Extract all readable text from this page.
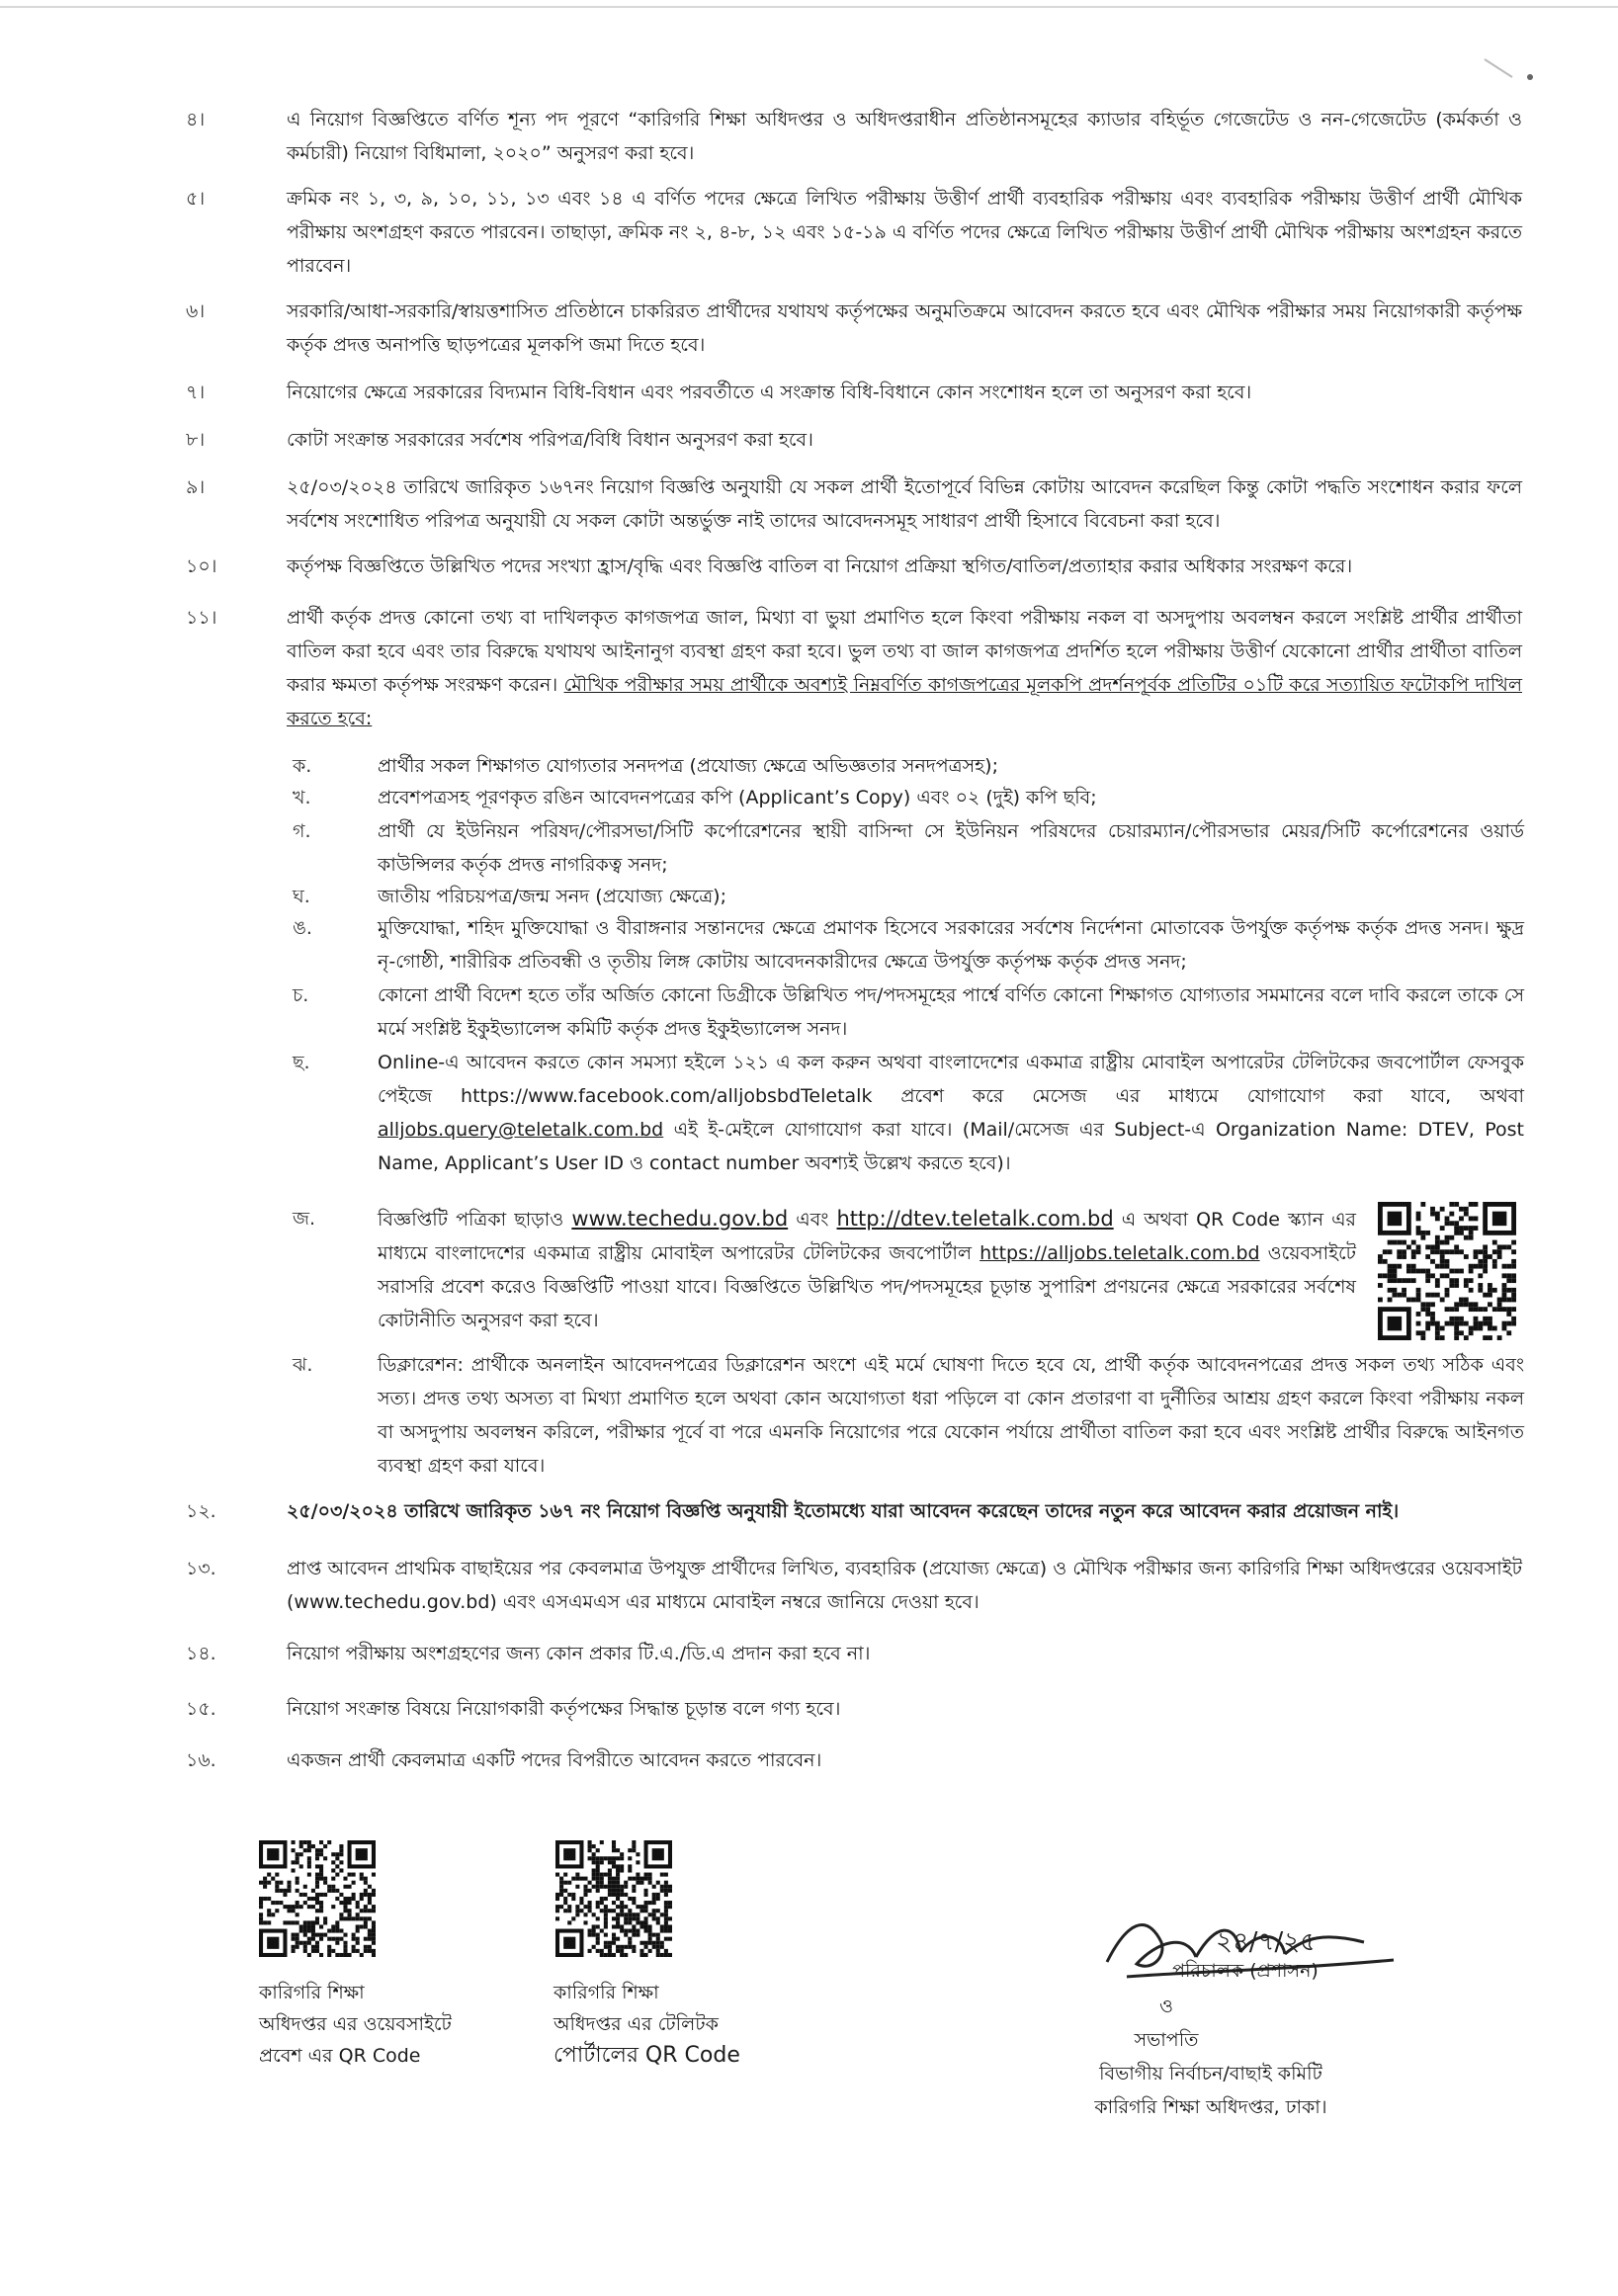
৪।	এ নিয়োগ বিজ্ঞপ্তিতে বর্ণিত শূন্য পদ পূরণে “কারিগরি শিক্ষা অধিদপ্তর ও অধিদপ্তরাধীন প্রতিষ্ঠানসমূহের ক্যাডার বহির্ভূত গেজেটেড ও নন-গেজেটেড (কর্মকর্তা ও কর্মচারী) নিয়োগ বিধিমালা, ২০২০” অনুসরণ করা হবে।
৫।	ক্রমিক নং ১, ৩, ৯, ১০, ১১, ১৩ এবং ১৪ এ বর্ণিত পদের ক্ষেত্রে লিখিত পরীক্ষায় উত্তীর্ণ প্রার্থী ব্যবহারিক পরীক্ষায় এবং ব্যবহারিক পরীক্ষায় উত্তীর্ণ প্রার্থী মৌখিক পরীক্ষায় অংশগ্রহণ করতে পারবেন। তাছাড়া, ক্রমিক নং ২, ৪-৮, ১২ এবং ১৫-১৯ এ বর্ণিত পদের ক্ষেত্রে লিখিত পরীক্ষায় উত্তীর্ণ প্রার্থী মৌখিক পরীক্ষায় অংশগ্রহন করতে পারবেন।
৬।	সরকারি/আধা-সরকারি/স্বায়ত্তশাসিত প্রতিষ্ঠানে চাকরিরত প্রার্থীদের যথাযথ কর্তৃপক্ষের অনুমতিক্রমে আবেদন করতে হবে এবং মৌখিক পরীক্ষার সময় নিয়োগকারী কর্তৃপক্ষ কর্তৃক প্রদত্ত অনাপত্তি ছাড়পত্রের মূলকপি জমা দিতে হবে।
৭।	নিয়োগের ক্ষেত্রে সরকারের বিদ্যমান বিধি-বিধান এবং পরবর্তীতে এ সংক্রান্ত বিধি-বিধানে কোন সংশোধন হলে তা অনুসরণ করা হবে।
৮।	কোটা সংক্রান্ত সরকারের সর্বশেষ পরিপত্র/বিধি বিধান অনুসরণ করা হবে।
৯।	২৫/০৩/২০২৪ তারিখে জারিকৃত ১৬৭নং নিয়োগ বিজ্ঞপ্তি অনুযায়ী যে সকল প্রার্থী ইতোপূর্বে বিভিন্ন কোটায় আবেদন করেছিল কিন্তু কোটা পদ্ধতি সংশোধন করার ফলে সর্বশেষ সংশোধিত পরিপত্র অনুযায়ী যে সকল কোটা অন্তর্ভুক্ত নাই তাদের আবেদনসমূহ সাধারণ প্রার্থী হিসাবে বিবেচনা করা হবে।
১০।	কর্তৃপক্ষ বিজ্ঞপ্তিতে উল্লিখিত পদের সংখ্যা হ্রাস/বৃদ্ধি এবং বিজ্ঞপ্তি বাতিল বা নিয়োগ প্রক্রিয়া স্থগিত/বাতিল/প্রত্যাহার করার অধিকার সংরক্ষণ করে।
১১।	প্রার্থী কর্তৃক প্রদত্ত কোনো তথ্য বা দাখিলকৃত কাগজপত্র জাল, মিথ্যা বা ভুয়া প্রমাণিত হলে কিংবা পরীক্ষায় নকল বা অসদুপায় অবলম্বন করলে সংশ্লিষ্ট প্রার্থীর প্রার্থীতা বাতিল করা হবে এবং তার বিরুদ্ধে যথাযথ আইনানুগ ব্যবস্থা গ্রহণ করা হবে। ভুল তথ্য বা জাল কাগজপত্র প্রদর্শিত হলে পরীক্ষায় উত্তীর্ণ যেকোনো প্রার্থীর প্রার্থীতা বাতিল করার ক্ষমতা কর্তৃপক্ষ সংরক্ষণ করেন। মৌখিক পরীক্ষার সময় প্রার্থীকে অবশ্যই নিম্নবর্ণিত কাগজপত্রের মূলকপি প্রদর্শনপূর্বক প্রতিটির ০১টি করে সত্যায়িত ফটোকপি দাখিল করতে হবে:
ক.	প্রার্থীর সকল শিক্ষাগত যোগ্যতার সনদপত্র (প্রযোজ্য ক্ষেত্রে অভিজ্ঞতার সনদপত্রসহ);
খ.	প্রবেশপত্রসহ পূরণকৃত রঙিন আবেদনপত্রের কপি (Applicant’s Copy) এবং ০২ (দুই) কপি ছবি;
গ.	প্রার্থী যে ইউনিয়ন পরিষদ/পৌরসভা/সিটি কর্পোরেশনের স্থায়ী বাসিন্দা সে ইউনিয়ন পরিষদের চেয়ারম্যান/পৌরসভার মেয়র/সিটি কর্পোরেশনের ওয়ার্ড কাউন্সিলর কর্তৃক প্রদত্ত নাগরিকত্ব সনদ;
ঘ.	জাতীয় পরিচয়পত্র/জন্ম সনদ (প্রযোজ্য ক্ষেত্রে);
ঙ.	মুক্তিযোদ্ধা, শহিদ মুক্তিযোদ্ধা ও বীরাঙ্গনার সন্তানদের ক্ষেত্রে প্রমাণক হিসেবে সরকারের সর্বশেষ নির্দেশনা মোতাবেক উপর্যুক্ত কর্তৃপক্ষ কর্তৃক প্রদত্ত সনদ। ক্ষুদ্র নৃ-গোষ্ঠী, শারীরিক প্রতিবন্ধী ও তৃতীয় লিঙ্গ কোটায় আবেদনকারীদের ক্ষেত্রে উপর্যুক্ত কর্তৃপক্ষ কর্তৃক প্রদত্ত সনদ;
চ.	কোনো প্রার্থী বিদেশ হতে তাঁর অর্জিত কোনো ডিগ্রীকে উল্লিখিত পদ/পদসমূহের পার্শ্বে বর্ণিত কোনো শিক্ষাগত যোগ্যতার সমমানের বলে দাবি করলে তাকে সে মর্মে সংশ্লিষ্ট ইকুইভ্যালেন্স কমিটি কর্তৃক প্রদত্ত ইকুইভ্যালেন্স সনদ।
ছ.	Online-এ আবেদন করতে কোন সমস্যা হইলে ১২১ এ কল করুন অথবা বাংলাদেশের একমাত্র রাষ্ট্রীয় মোবাইল অপারেটর টেলিটকের জবপোর্টাল ফেসবুক পেইজে https://www.facebook.com/alljobsbdTeletalk প্রবেশ করে মেসেজ এর মাধ্যমে যোগাযোগ করা যাবে, অথবা alljobs.query@teletalk.com.bd এই ই-মেইলে যোগাযোগ করা যাবে। (Mail/মেসেজ এর Subject-এ Organization Name: DTEV, Post Name, Applicant’s User ID ও contact number অবশ্যই উল্লেখ করতে হবে)।
জ.	বিজ্ঞপ্তিটি পত্রিকা ছাড়াও www.techedu.gov.bd এবং http://dtev.teletalk.com.bd এ অথবা QR Code স্ক্যান এর মাধ্যমে বাংলাদেশের একমাত্র রাষ্ট্রীয় মোবাইল অপারেটর টেলিটকের জবপোর্টাল https://alljobs.teletalk.com.bd ওয়েবসাইটে সরাসরি প্রবেশ করেও বিজ্ঞপ্তিটি পাওয়া যাবে। বিজ্ঞপ্তিতে উল্লিখিত পদ/পদসমূহের চূড়ান্ত সুপারিশ প্রণয়নের ক্ষেত্রে সরকারের সর্বশেষ কোটানীতি অনুসরণ করা হবে।
ঝ.	ডিক্লারেশন: প্রার্থীকে অনলাইন আবেদনপত্রের ডিক্লারেশন অংশে এই মর্মে ঘোষণা দিতে হবে যে, প্রার্থী কর্তৃক আবেদনপত্রের প্রদত্ত সকল তথ্য সঠিক এবং সত্য। প্রদত্ত তথ্য অসত্য বা মিথ্যা প্রমাণিত হলে অথবা কোন অযোগ্যতা ধরা পড়িলে বা কোন প্রতারণা বা দুর্নীতির আশ্রয় গ্রহণ করলে কিংবা পরীক্ষায় নকল বা অসদুপায় অবলম্বন করিলে, পরীক্ষার পূর্বে বা পরে এমনকি নিয়োগের পরে যেকোন পর্যায়ে প্রার্থীতা বাতিল করা হবে এবং সংশ্লিষ্ট প্রার্থীর বিরুদ্ধে আইনগত ব্যবস্থা গ্রহণ করা যাবে।
১২.	২৫/০৩/২০২৪ তারিখে জারিকৃত ১৬৭ নং নিয়োগ বিজ্ঞপ্তি অনুযায়ী ইতোমধ্যে যারা আবেদন করেছেন তাদের নতুন করে আবেদন করার প্রয়োজন নাই।
১৩.	প্রাপ্ত আবেদন প্রাথমিক বাছাইয়ের পর কেবলমাত্র উপযুক্ত প্রার্থীদের লিখিত, ব্যবহারিক (প্রযোজ্য ক্ষেত্রে) ও মৌখিক পরীক্ষার জন্য কারিগরি শিক্ষা অধিদপ্তরের ওয়েবসাইট (www.techedu.gov.bd) এবং এসএমএস এর মাধ্যমে মোবাইল নম্বরে জানিয়ে দেওয়া হবে।
১৪.	নিয়োগ পরীক্ষায় অংশগ্রহণের জন্য কোন প্রকার টি.এ./ডি.এ প্রদান করা হবে না।
১৫.	নিয়োগ সংক্রান্ত বিষয়ে নিয়োগকারী কর্তৃপক্ষের সিদ্ধান্ত চূড়ান্ত বলে গণ্য হবে।
১৬.	একজন প্রার্থী কেবলমাত্র একটি পদের বিপরীতে আবেদন করতে পারবেন।
কারিগরি শিক্ষা
অধিদপ্তর এর ওয়েবসাইটে
প্রবেশ এর QR Code
কারিগরি শিক্ষা
অধিদপ্তর এর টেলিটক
পোর্টালের QR Code
২৪/৭/২৫
পরিচালক (প্রশাসন)
ও
সভাপতি
বিভাগীয় নির্বাচন/বাছাই কমিটি
কারিগরি শিক্ষা অধিদপ্তর, ঢাকা।
